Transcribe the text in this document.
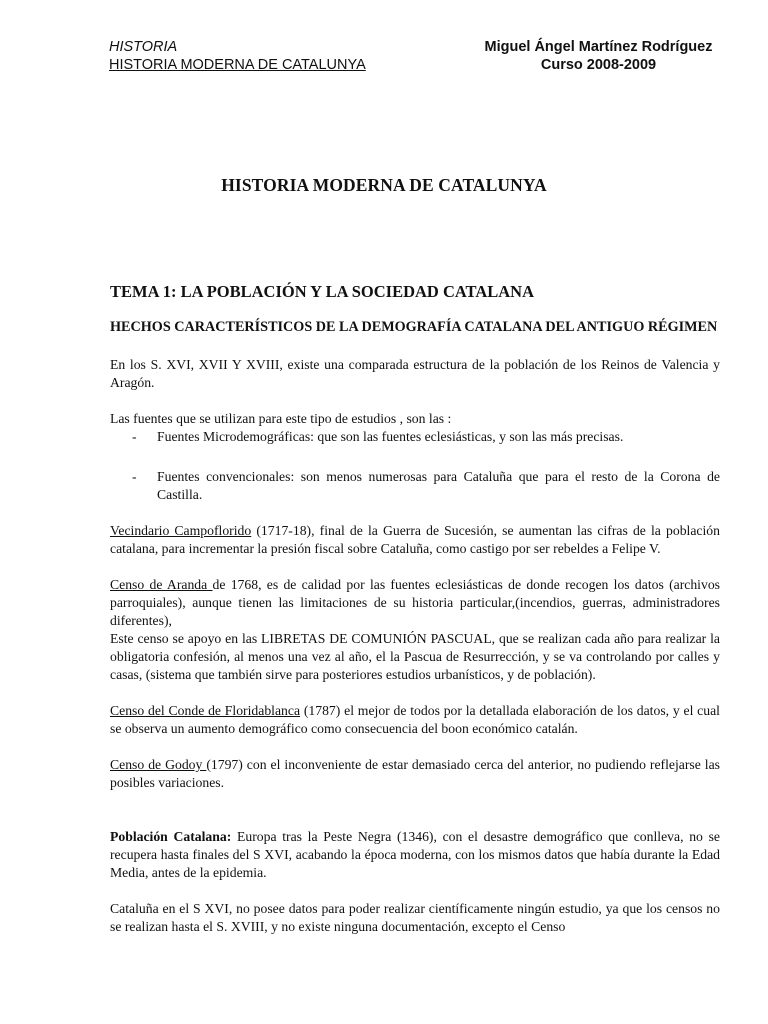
HISTORIA
HISTORIA MODERNA DE CATALUNYA
Miguel Ángel Martínez Rodríguez
Curso 2008-2009
HISTORIA MODERNA DE CATALUNYA
TEMA 1: LA POBLACIÓN Y LA SOCIEDAD CATALANA

HECHOS CARACTERÍSTICOS DE LA DEMOGRAFÍA CATALANA DEL ANTIGUO RÉGIMEN

En los S. XVI, XVII Y XVIII, existe una comparada estructura de la población de los Reinos de Valencia y Aragón.

Las fuentes que se utilizan para este tipo de estudios , son las :

- Fuentes Microdemográficas: que son las fuentes eclesiásticas, y son las más precisas.
- Fuentes convencionales: son menos numerosas para Cataluña que para el resto de la Corona de Castilla.

Vecindario Campoflorido (1717-18), final de la Guerra de Sucesión, se aumentan las cifras de la población catalana, para incrementar la presión fiscal sobre Cataluña, como castigo por ser rebeldes a Felipe V.

Censo de Aranda de 1768, es de calidad por las fuentes eclesiásticas de donde recogen los datos (archivos parroquiales), aunque tienen las limitaciones de su historia particular,(incendios, guerras, administradores diferentes),

Este censo se apoyo en las LIBRETAS DE COMUNIÓN PASCUAL, que se realizan cada año para realizar la obligatoria confesión, al menos una vez al año, el la Pascua de Resurrección, y se va controlando por calles y casas, (sistema que también sirve para posteriores estudios urbanísticos, y de población).

Censo del Conde de Floridablanca (1787) el mejor de todos por la detallada elaboración de los datos, y el cual se observa un aumento demográfico como consecuencia del boon económico catalán.

Censo de Godoy (1797) con el inconveniente de estar demasiado cerca del anterior, no pudiendo reflejarse las posibles variaciones.

Población Catalana: Europa tras la Peste Negra (1346), con el desastre demográfico que conlleva, no se recupera hasta finales del S XVI, acabando la época moderna, con los mismos datos que había durante la Edad Media, antes de la epidemia.

Cataluña en el S XVI, no posee datos para poder realizar científicamente ningún estudio, ya que los censos no se realizan hasta el S. XVIII, y no existe ninguna documentación, excepto el Censo
